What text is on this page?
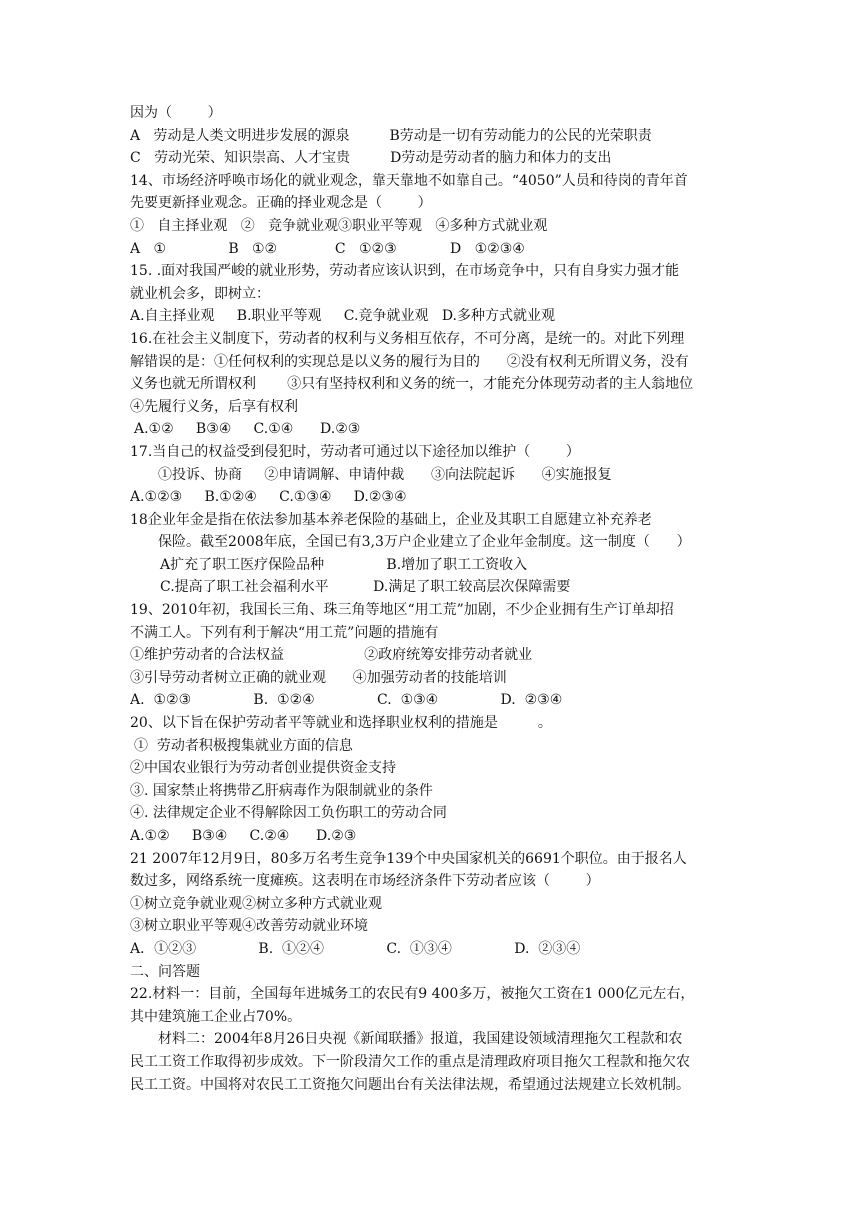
因为（        ）
A   劳动是人类文明进步发展的源泉         B劳动是一切有劳动能力的公民的光荣职责
C   劳动光荣、知识崇高、人才宝贵         D劳动是劳动者的脑力和体力的支出
14、市场经济呼唤市场化的就业观念，靠天靠地不如靠自己。“4050”人员和待岗的青年首
先要更新择业观念。正确的择业观念是（        ）
①   自主择业观   ②   竞争就业观③职业平等观   ④多种方式就业观
A   ①              B   ①②             C   ①②③            D   ①②③④
15. .面对我国严峻的就业形势，劳动者应该认识到，在市场竞争中，只有自身实力强才能
就业机会多，即树立：
A.自主择业观     B.职业平等观     C.竞争就业观   D.多种方式就业观
16.在社会主义制度下，劳动者的权利与义务相互依存，不可分离，是统一的。对此下列理
解错误的是：①任何权利的实现总是以义务的履行为目的      ②没有权利无所谓义务，没有
义务也就无所谓权利       ③只有坚持权利和义务的统一，才能充分体现劳动者的主人翁地位
④先履行义务，后享有权利
A.①②     B③④     C.①④      D.②③
17.当自己的权益受到侵犯时，劳动者可通过以下途径加以维护（        ）
①投诉、协商     ②申请调解、申请仲裁      ③向法院起诉      ④实施报复
A.①②③     B.①②④     C.①③④     D.②③④
18企业年金是指在依法参加基本养老保险的基础上，企业及其职工自愿建立补充养老
保险。截至2008年底，全国已有3,3万户企业建立了企业年金制度。这一制度（      ）
A扩充了职工医疗保险品种              B.增加了职工工资收入
C.提高了职工社会福利水平          D.满足了职工较高层次保障需要
19、2010年初，我国长三角、珠三角等地区“用工荒”加剧，不少企业拥有生产订单却招
不满工人。下列有利于解决“用工荒”问题的措施有
①维护劳动者的合法权益                  ②政府统筹安排劳动者就业
③引导劳动者树立正确的就业观      ④加强劳动者的技能培训
A.  ①②③              B.  ①②④              C.  ①③④              D.  ②③④
20、以下旨在保护劳动者平等就业和选择职业权利的措施是         。
①  劳动者积极搜集就业方面的信息
②中国农业银行为劳动者创业提供资金支持
③. 国家禁止将携带乙肝病毒作为限制就业的条件
④. 法律规定企业不得解除因工负伤职工的劳动合同
A.①②     B③④     C.②④      D.②③
21 2007年12月9日，80多万名考生竞争139个中央国家机关的6691个职位。由于报名人
数过多，网络系统一度瘫痪。这表明在市场经济条件下劳动者应该（        ）
①树立竞争就业观②树立多种方式就业观
③树立职业平等观④改善劳动就业环境
A．①②③              B.  ①②④              C.  ①③④              D.  ②③④
二、问答题
22.材料一：目前，全国每年进城务工的农民有9 400多万，被拖欠工资在1 000亿元左右，
其中建筑施工企业占70%。
材料二：2004年8月26日央视《新闻联播》报道，我国建设领域清理拖欠工程款和农
民工工资工作取得初步成效。下一阶段清欠工作的重点是清理政府项目拖欠工程款和拖欠农
民工工资。中国将对农民工工资拖欠问题出台有关法律法规，希望通过法规建立长效机制。
